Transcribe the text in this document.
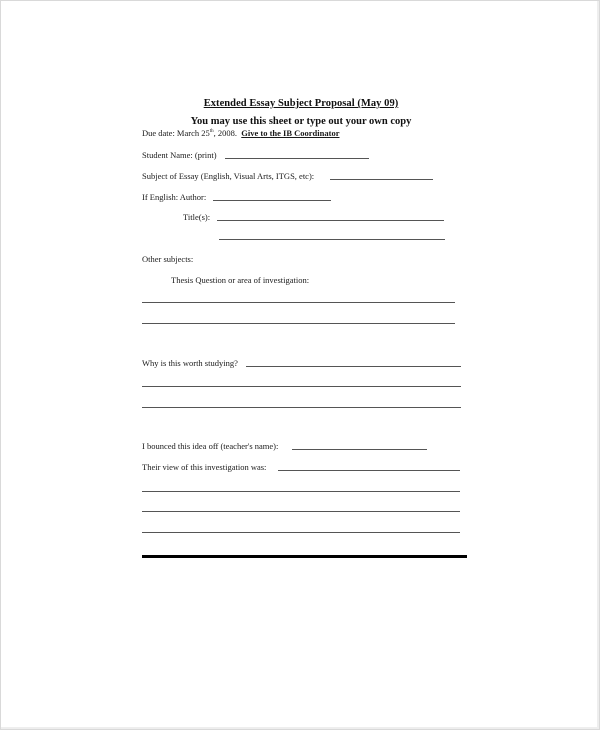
Extended Essay Subject Proposal (May 09)
You may use this sheet or type out your own copy
Due date: March 25th, 2008. Give to the IB Coordinator
Student Name: (print)
Subject of Essay (English, Visual Arts, ITGS, etc):
If English: Author:
Title(s):
Other subjects:
Thesis Question or area of investigation:
Why is this worth studying?
I bounced this idea off (teacher's name):
Their view of this investigation was:
